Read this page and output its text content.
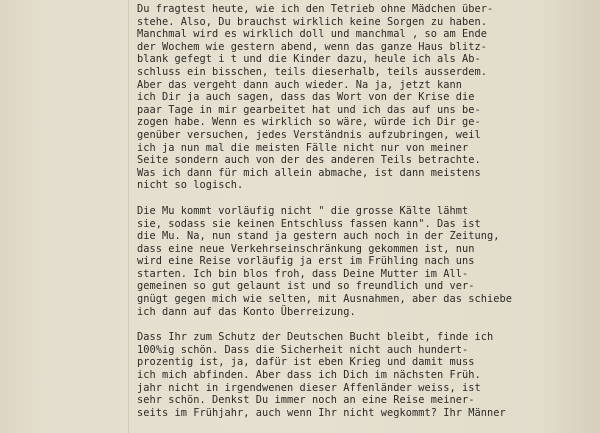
Du fragtest heute, wie ich den Tetrieb ohne Mädchen über-
stehe. Also, Du brauchst wirklich keine Sorgen zu haben.
Manchmal wird es wirklich doll und manchmal , so am Ende
der Wochem wie gestern abend, wenn das ganze Haus blitz-
blank gefegt i t und die Kinder dazu, heule ich als Ab-
schluss ein bisschen, teils dieserhalb, teils ausserdem.
Aber das vergeht dann auch wieder. Na ja, jetzt kann
ich Dir ja auch sagen, dass das Wort von der Krise die
paar Tage in mir gearbeitet hat und ich das auf uns be-
zogen habe. Wenn es wirklich so wäre, würde ich Dir ge-
genüber versuchen, jedes Verständnis aufzubringen, weil
ich ja nun mal die meisten Fälle nicht nur von meiner
Seite sondern auch von der des anderen Teils betrachte.
Was ich dann für mich allein abmache, ist dann meistens
nicht so logisch.
Die Mu kommt vorläufig nicht " die grosse Kälte lähmt
sie, sodass sie keinen Entschluss fassen kann". Das ist
die Mu. Na, nun stand ja gestern auch noch in der Zeitung,
dass eine neue Verkehrseinschränkung gekommen ist, nun
wird eine Reise vorläufig ja erst im Frühling nach uns
starten. Ich bin blos froh, dass Deine Mutter im All-
gemeinen so gut gelaunt ist und so freundlich und ver-
gnügt gegen mich wie selten, mit Ausnahmen, aber das schiebe
ich dann auf das Konto Überreizung.
Dass Ihr zum Schutz der Deutschen Bucht bleibt, finde ich
100%ig schön. Dass die Sicherheit nicht auch hundert-
prozentig ist, ja, dafür ist eben Krieg und damit muss
ich mich abfinden. Aber dass ich Dich im nächsten Früh.
jahr nicht in irgendwenen dieser Affenländer weiss, ist
sehr schön. Denkst Du immer noch an eine Reise meiner-
seits im Frühjahr, auch wenn Ihr nicht wegkommt? Ihr Männer
